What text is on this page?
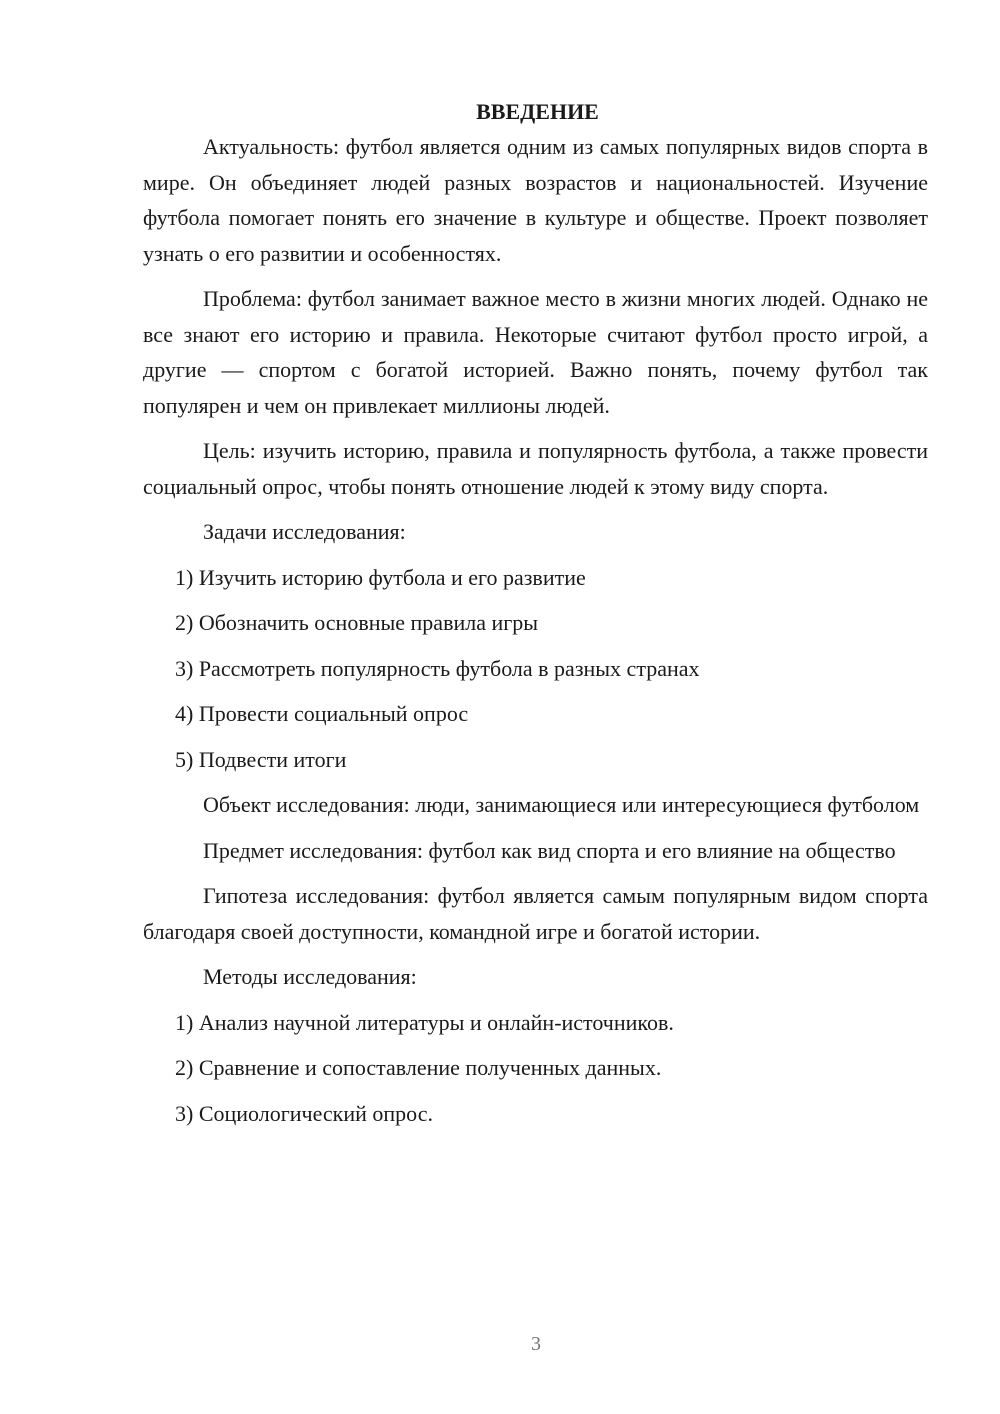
ВВЕДЕНИЕ

Актуальность: футбол является одним из самых популярных видов спорта в мире. Он объединяет людей разных возрастов и национальностей. Изучение футбола помогает понять его значение в культуре и обществе. Проект позволяет узнать о его развитии и особенностях.

Проблема: футбол занимает важное место в жизни многих людей. Однако не все знают его историю и правила. Некоторые считают футбол просто игрой, а другие — спортом с богатой историей. Важно понять, почему футбол так популярен и чем он привлекает миллионы людей.

Цель: изучить историю, правила и популярность футбола, а также провести социальный опрос, чтобы понять отношение людей к этому виду спорта.

Задачи исследования:

1) Изучить историю футбола и его развитие
2) Обозначить основные правила игры
3) Рассмотреть популярность футбола в разных странах
4) Провести социальный опрос
5) Подвести итоги

Объект исследования: люди, занимающиеся или интересующиеся футболом

Предмет исследования: футбол как вид спорта и его влияние на общество

Гипотеза исследования: футбол является самым популярным видом спорта благодаря своей доступности, командной игре и богатой истории.

Методы исследования:

1) Анализ научной литературы и онлайн-источников.
2) Сравнение и сопоставление полученных данных.
3) Социологический опрос.
3
